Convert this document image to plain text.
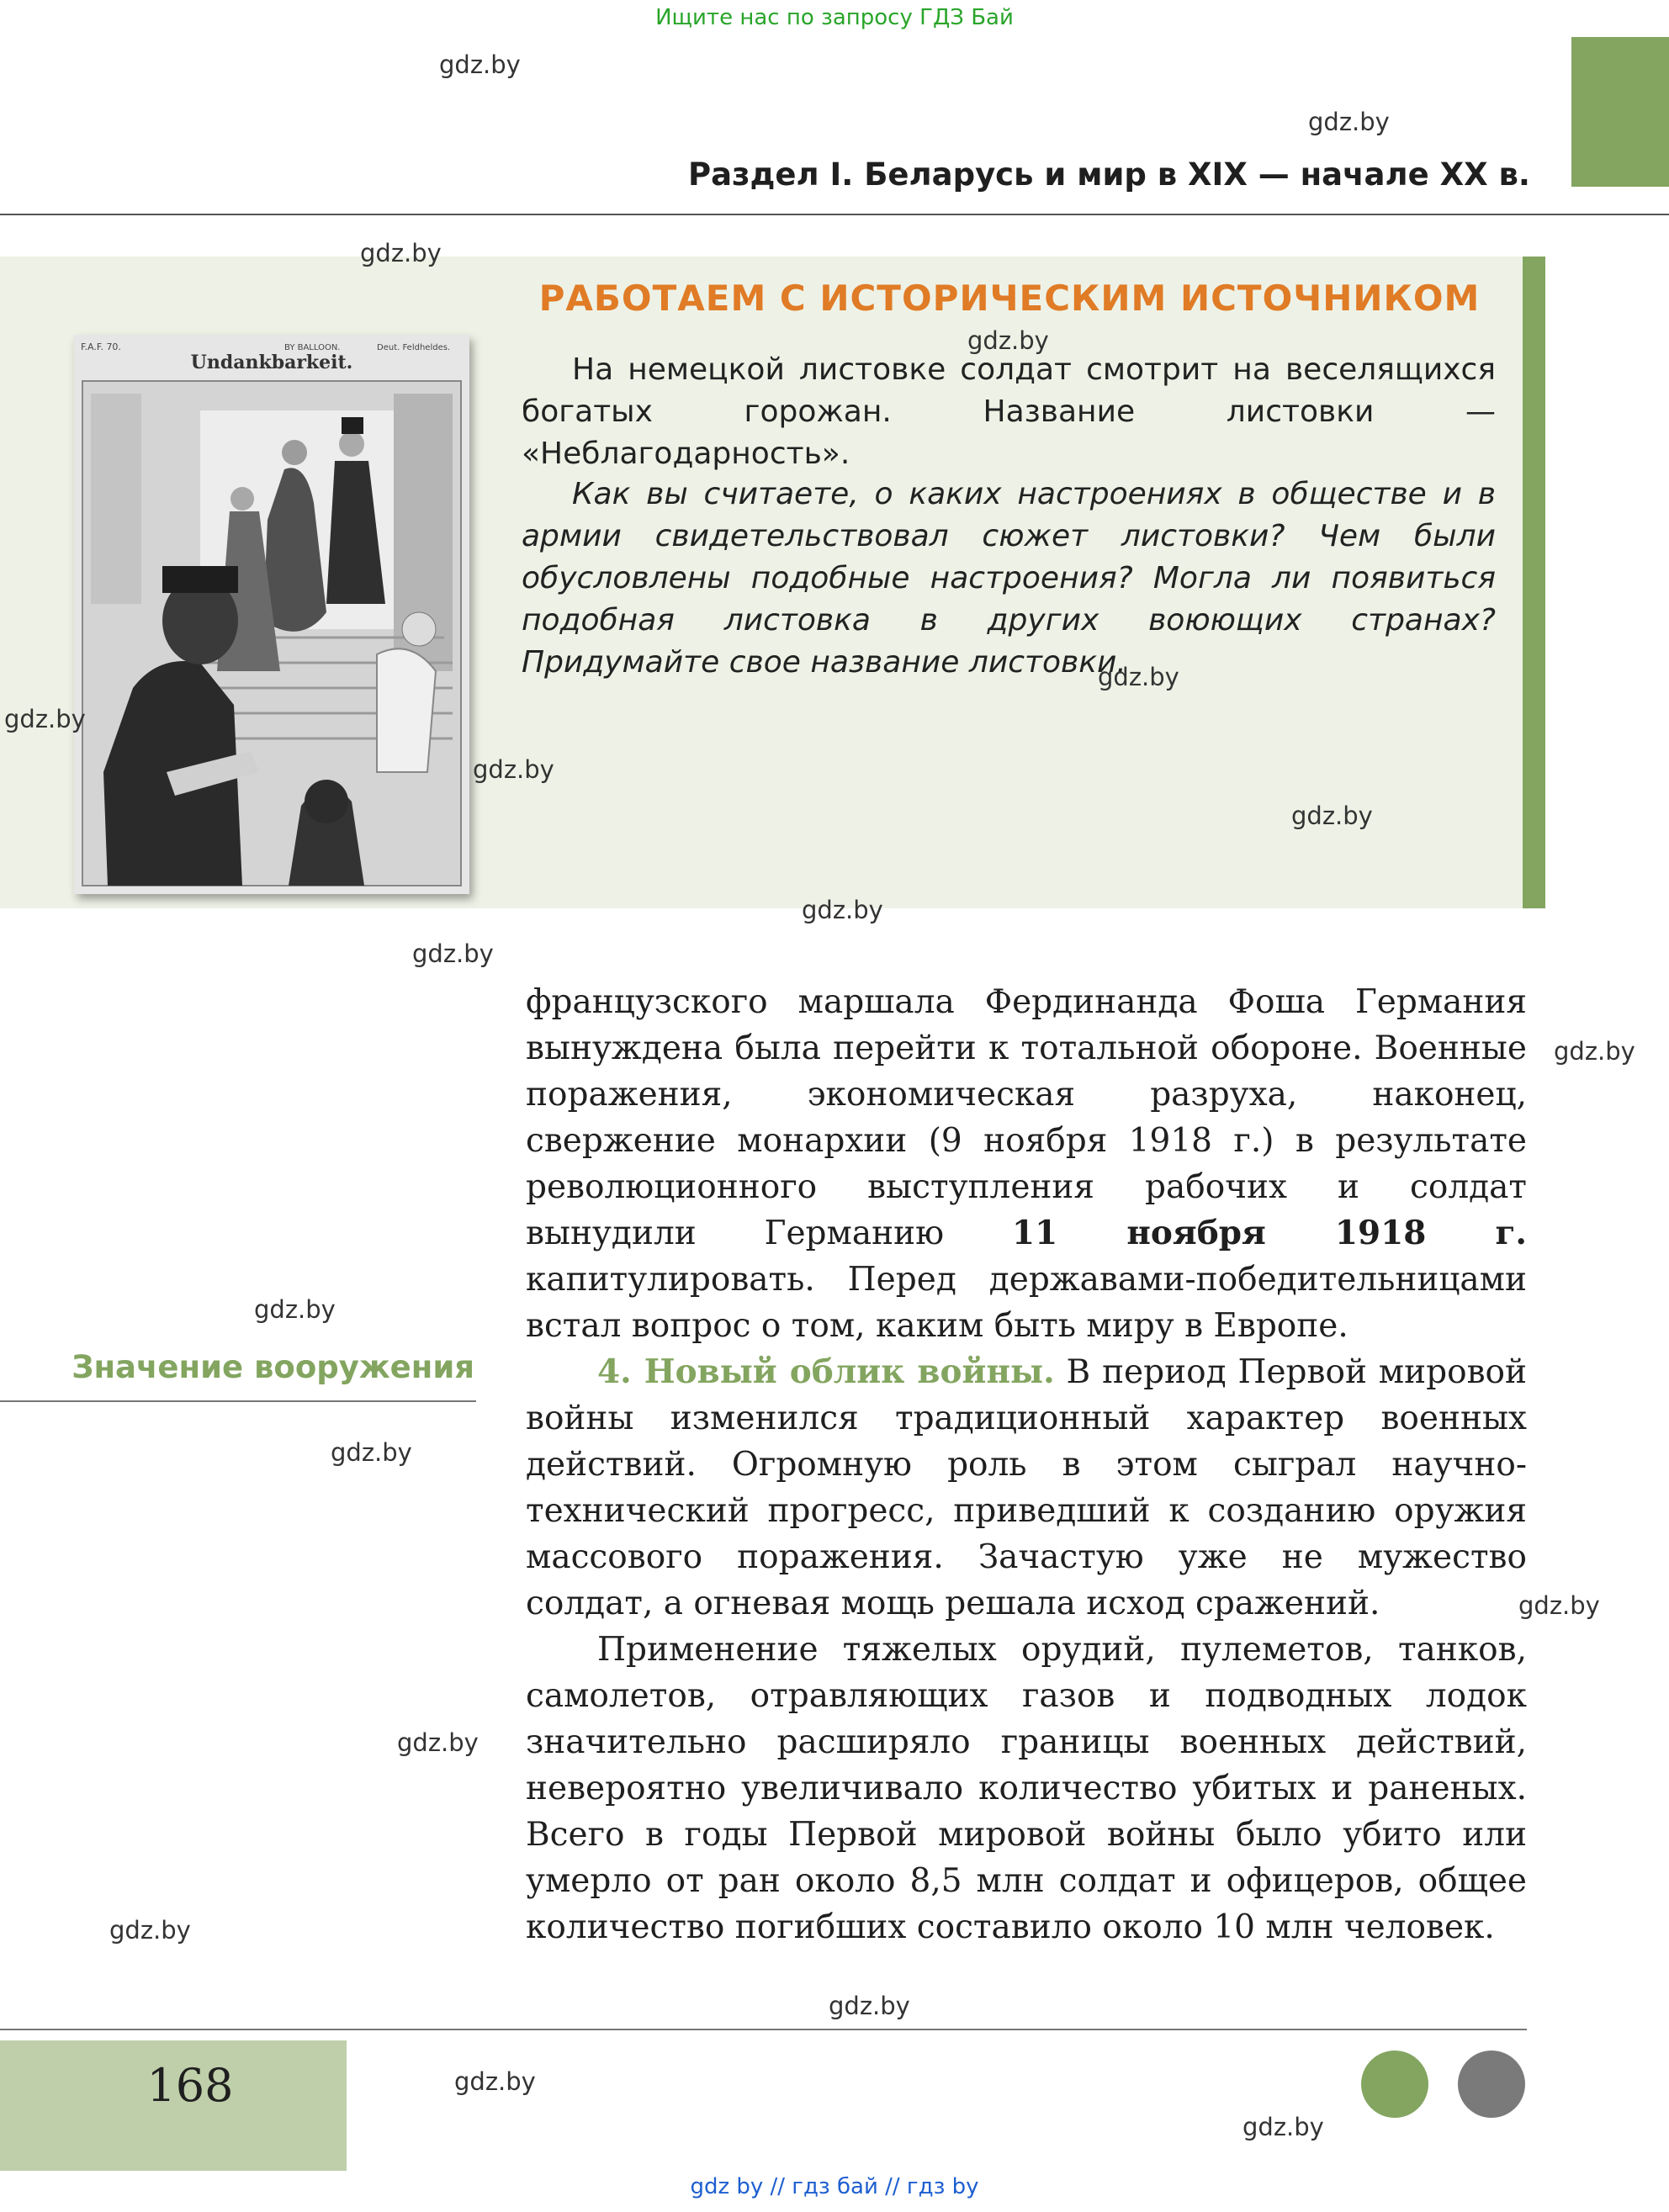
Ищите нас по запросу ГДЗ Бай
Раздел I. Беларусь и мир в XIX — начале XX в.
F.A.F. 70.	BY BALLOON.	Deut. Feldheldes.
Undankbarkeit.
РАБОТАЕМ С ИСТОРИЧЕСКИМ ИСТОЧНИКОМ
На немецкой листовке солдат смотрит на веселящихся богатых горожан. Название листовки — «Неблагодарность».
Как вы считаете, о каких настроениях в обществе и в армии свидетельствовал сюжет листовки? Чем были обусловлены подобные настроения? Могла ли появиться подобная листовка в других воюющих странах? Придумайте свое название листовки.
французского маршала Фердинанда Фоша Германия вынуждена была перейти к тотальной обороне. Военные поражения, экономическая разруха, наконец, свержение монархии (9 ноября 1918 г.) в результате революционного выступления рабочих и солдат вынудили Германию 11 ноября 1918 г. капитулировать. Перед державами-победительницами встал вопрос о том, каким быть миру в Европе.
4. Новый облик войны. В период Первой мировой войны изменился традиционный характер военных действий. Огромную роль в этом сыграл научно-технический прогресс, приведший к созданию оружия массового поражения. Зачастую уже не мужество солдат, а огневая мощь решала исход сражений.
Применение тяжелых орудий, пулеметов, танков, самолетов, отравляющих газов и подводных лодок значительно расширяло границы военных действий, невероятно увеличивало количество убитых и раненых. Всего в годы Первой мировой войны было убито или умерло от ран около 8,5 млн солдат и офицеров, общее количество погибших составило около 10 млн человек.
Значение вооружения
gdz.by
gdz.by
gdz.by
gdz.by
gdz.by
gdz.by
gdz.by
gdz.by
gdz.by
gdz.by
gdz.by
gdz.by
gdz.by
gdz.by
gdz.by
gdz.by
gdz.by
gdz.by
gdz.by
168
gdz by // гдз бай // гдз by
